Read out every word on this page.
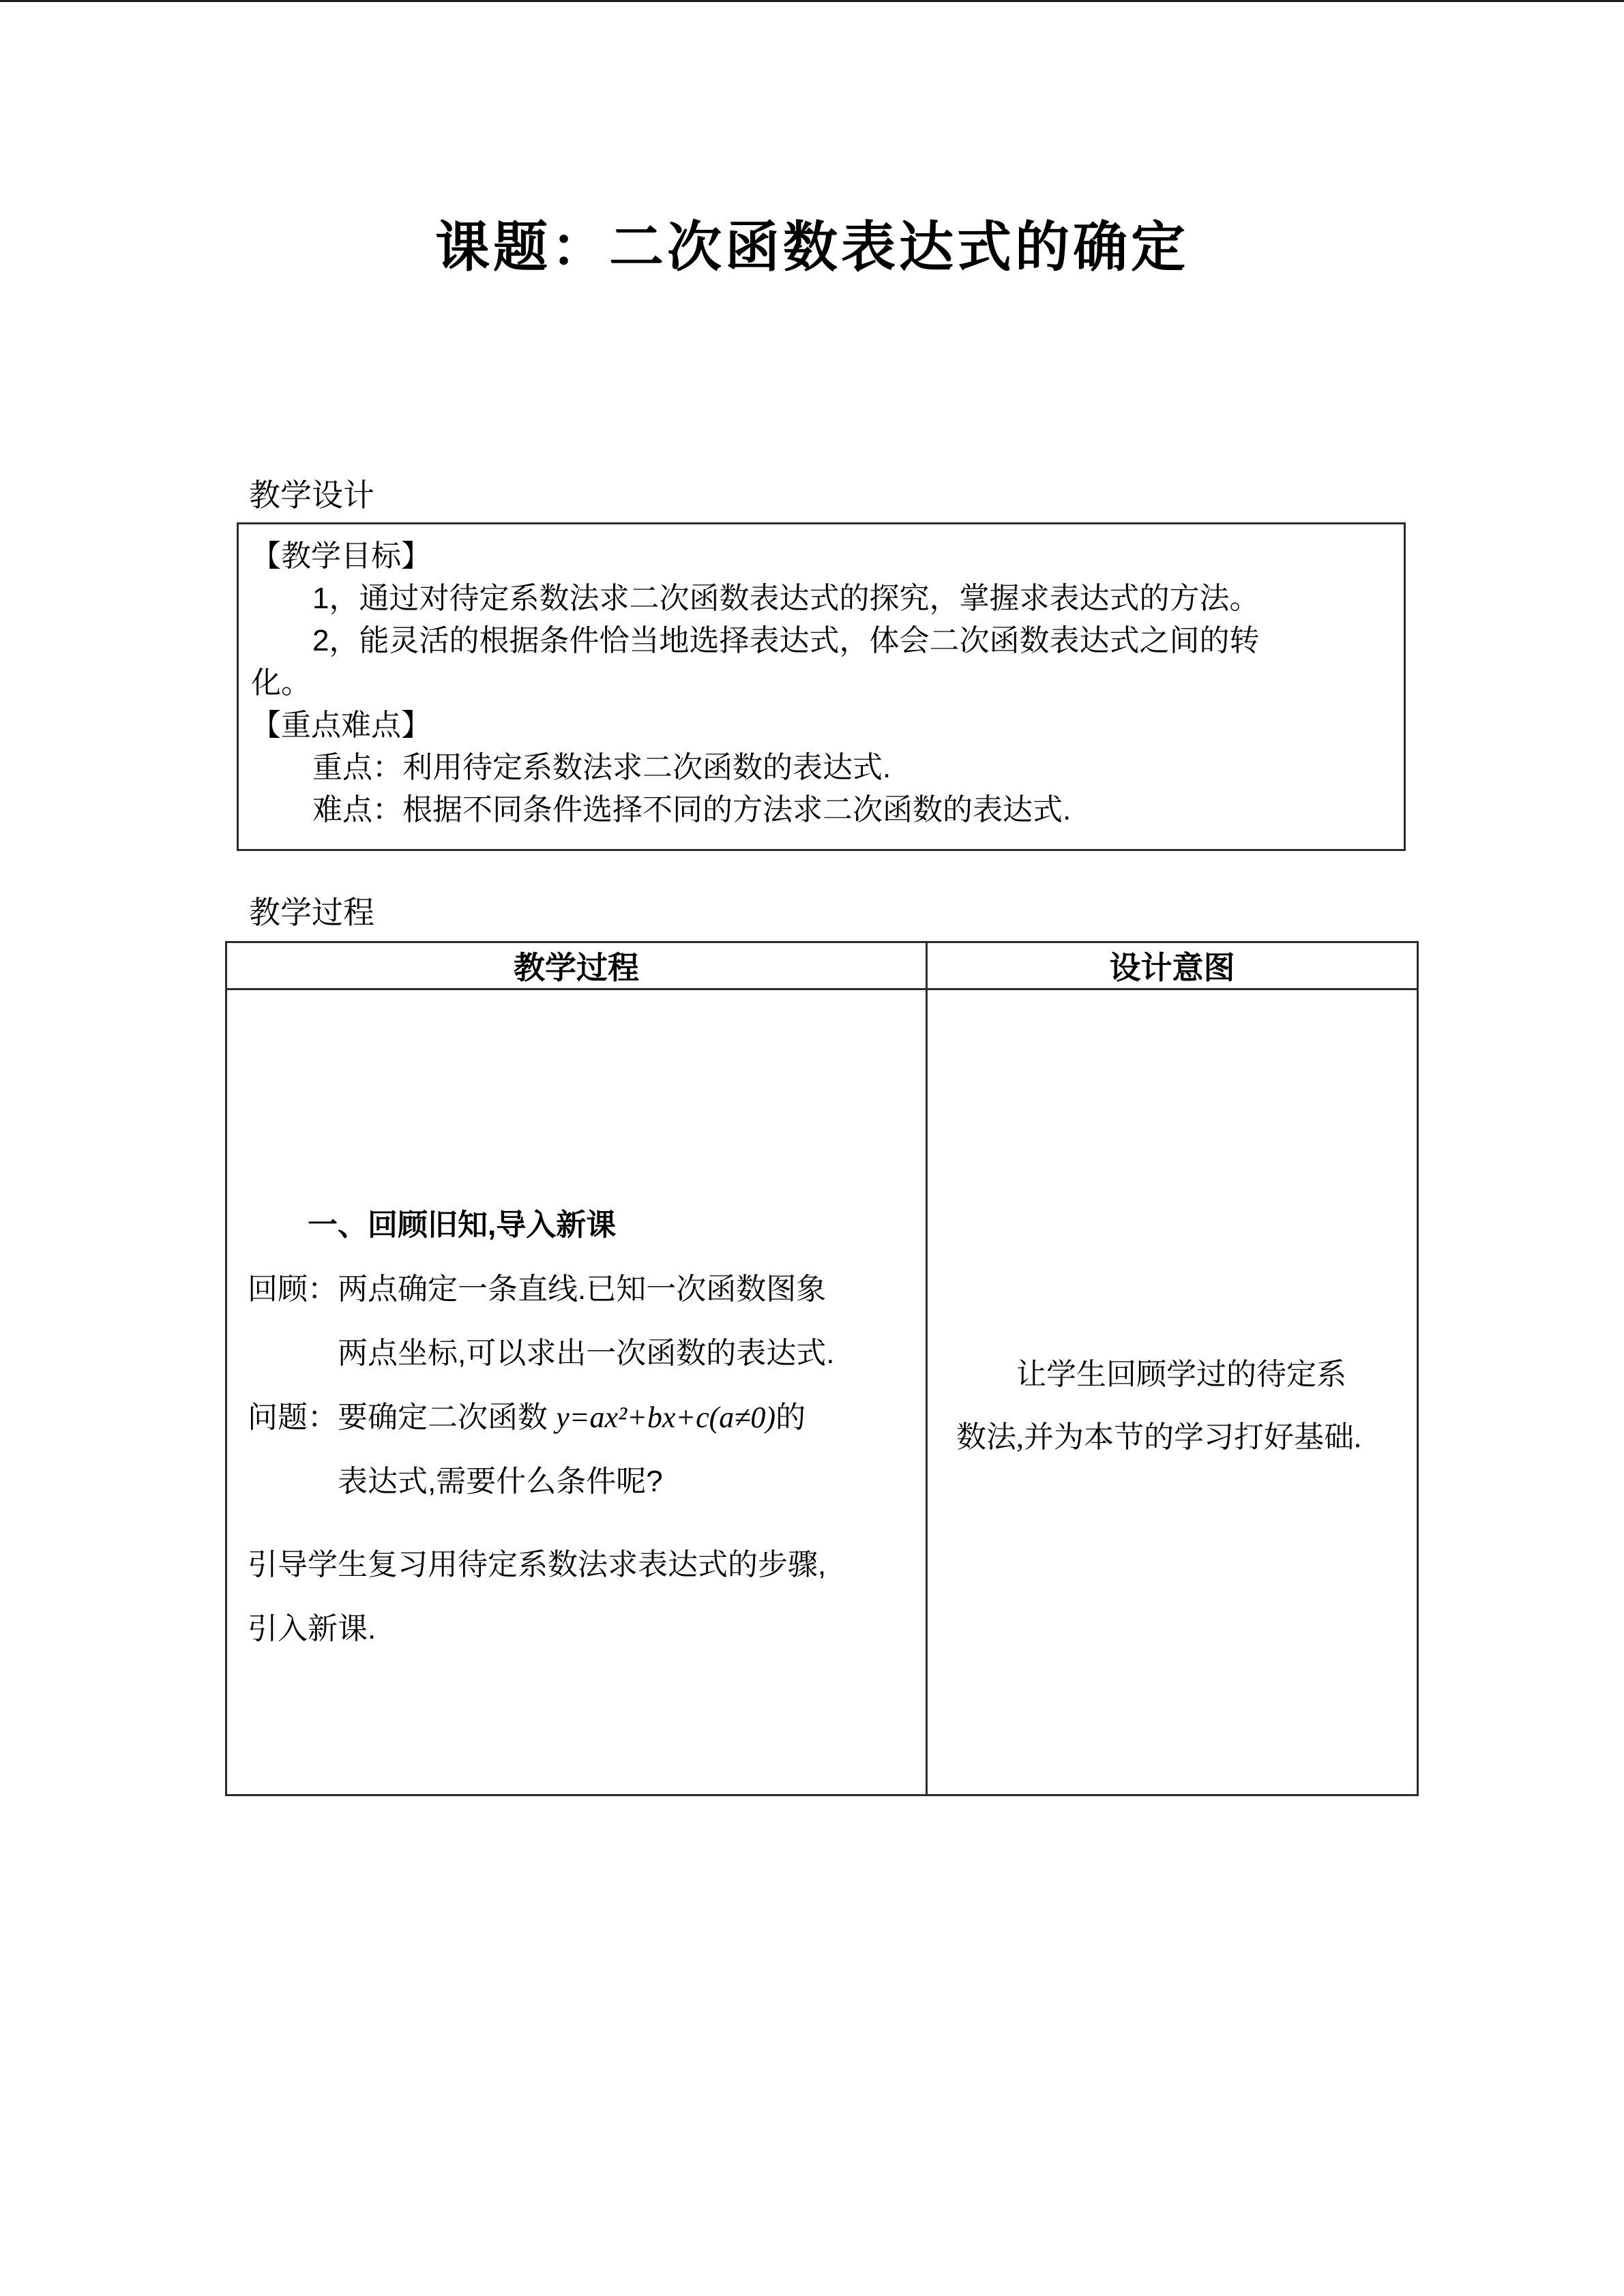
课题：二次函数表达式的确定
教学设计

【教学目标】

1，通过对待定系数法求二次函数表达式的探究，掌握求表达式的方法。

2，能灵活的根据条件恰当地选择表达式，体会二次函数表达式之间的转

化。

【重点难点】

重点：利用待定系数法求二次函数的表达式.

难点：根据不同条件选择不同的方法求二次函数的表达式.

教学过程
教学过程	设计意图

一、回顾旧知,导入新课

回顾：两点确定一条直线.已知一次函数图象

两点坐标,可以求出一次函数的表达式.

问题：要确定二次函数 y=ax²+bx+c(a≠0)的

表达式,需要什么条件呢?

引导学生复习用待定系数法求表达式的步骤,

引入新课.

让学生回顾学过的待定系

数法,并为本节的学习打好基础.
